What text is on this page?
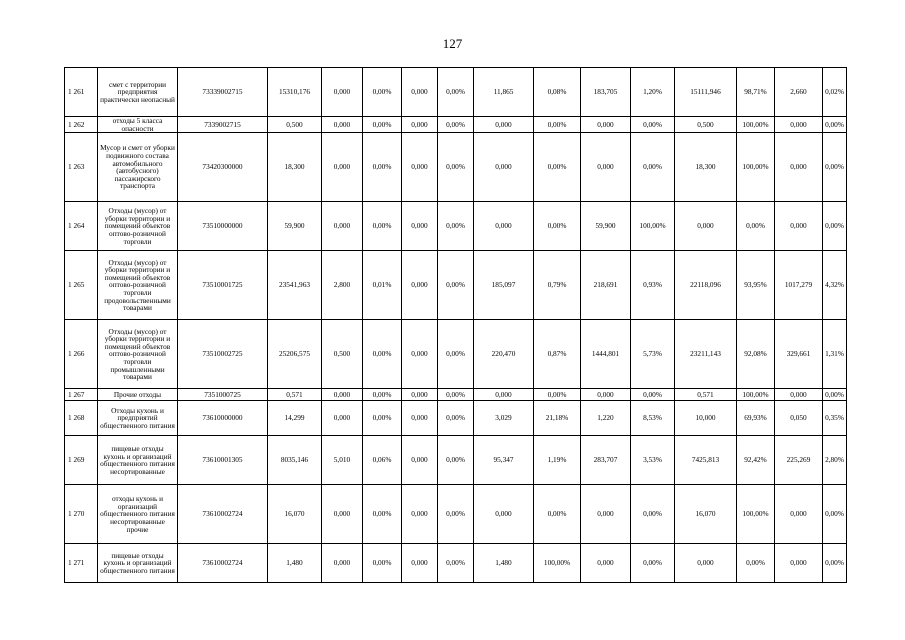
127
1 261	смет с территории предприятия практически неопасный	73339002715	15310,176	0,000	0,00%	0,000	0,00%	11,865	0,08%	183,705	1,20%	15111,946	98,71%	2,660	0,02%
1 262	отходы 5 класса опасности	7339002715	0,500	0,000	0,00%	0,000	0,00%	0,000	0,00%	0,000	0,00%	0,500	100,00%	0,000	0,00%
1 263	Мусор и смет от уборки подвижного состава автомобильного (автобусного) пассажирского транспорта	73420300000	18,300	0,000	0,00%	0,000	0,00%	0,000	0,00%	0,000	0,00%	18,300	100,00%	0,000	0,00%
1 264	Отходы (мусор) от уборки территории и помещений объектов оптово-розничной торговли	73510000000	59,900	0,000	0,00%	0,000	0,00%	0,000	0,00%	59,900	100,00%	0,000	0,00%	0,000	0,00%
1 265	Отходы (мусор) от уборки территории и помещений объектов оптово-розничной торговли продовольственными товарами	73510001725	23541,963	2,800	0,01%	0,000	0,00%	185,097	0,79%	218,691	0,93%	22118,096	93,95%	1017,279	4,32%
1 266	Отходы (мусор) от уборки территории и помещений объектов оптово-розничной торговли промышленными товарами	73510002725	25206,575	0,500	0,00%	0,000	0,00%	220,470	0,87%	1444,801	5,73%	23211,143	92,08%	329,661	1,31%
1 267	Прочие отходы	7351000725	0,571	0,000	0,00%	0,000	0,00%	0,000	0,00%	0,000	0,00%	0,571	100,00%	0,000	0,00%
1 268	Отходы кухонь и предприятий общественного питания	73610000000	14,299	0,000	0,00%	0,000	0,00%	3,029	21,18%	1,220	8,53%	10,000	69,93%	0,050	0,35%
1 269	пищевые отходы кухонь и организаций общественного питания несортированные	73610001305	8035,146	5,010	0,06%	0,000	0,00%	95,347	1,19%	283,707	3,53%	7425,813	92,42%	225,269	2,80%
1 270	отходы кухонь и организаций общественного питания несортированные прочие	73610002724	16,070	0,000	0,00%	0,000	0,00%	0,000	0,00%	0,000	0,00%	16,070	100,00%	0,000	0,00%
1 271	пищевые отходы кухонь и организаций общественного питания	73610002724	1,480	0,000	0,00%	0,000	0,00%	1,480	100,00%	0,000	0,00%	0,000	0,00%	0,000	0,00%
